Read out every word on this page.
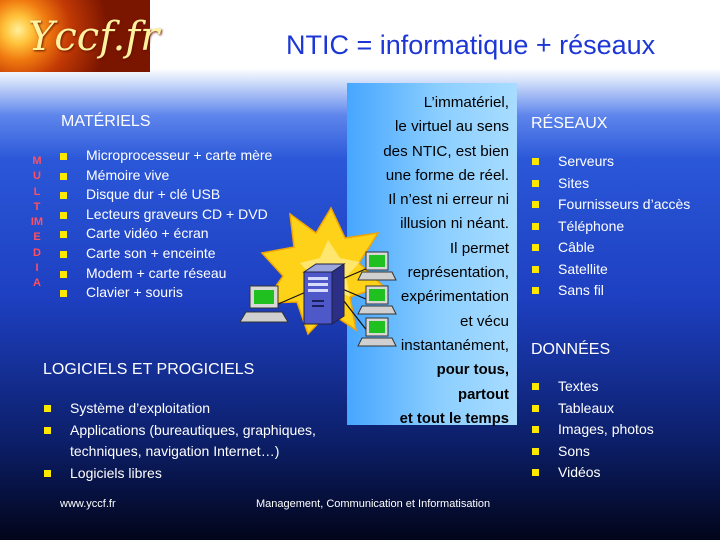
Yccf.fr	NTIC = informatique + réseaux
MATÉRIELS
M
U
L
T
IM
E
D
I
A
Microprocesseur + carte mère
Mémoire vive
Disque dur + clé USB
Lecteurs graveurs CD + DVD
Carte vidéo + écran
Carte son + enceinte
Modem + carte réseau
Clavier + souris
L’immatériel,
le virtuel au sens
des NTIC, est bien
une forme de réel.
Il n’est ni erreur ni
illusion ni néant.
Il permet
représentation,
expérimentation
et vécu
instantanément,
pour tous,
partout
et tout le temps
LOGICIELS ET PROGICIELS
Système d’exploitation
Applications (bureautiques, graphiques,
techniques, navigation Internet…)
Logiciels libres
RÉSEAUX
Serveurs
Sites
Fournisseurs d’accès
Téléphone
Câble
Satellite
Sans fil
DONNÉES
Textes
Tableaux
Images, photos
Sons
Vidéos
www.yccf.fr	Management, Communication et Informatisation
